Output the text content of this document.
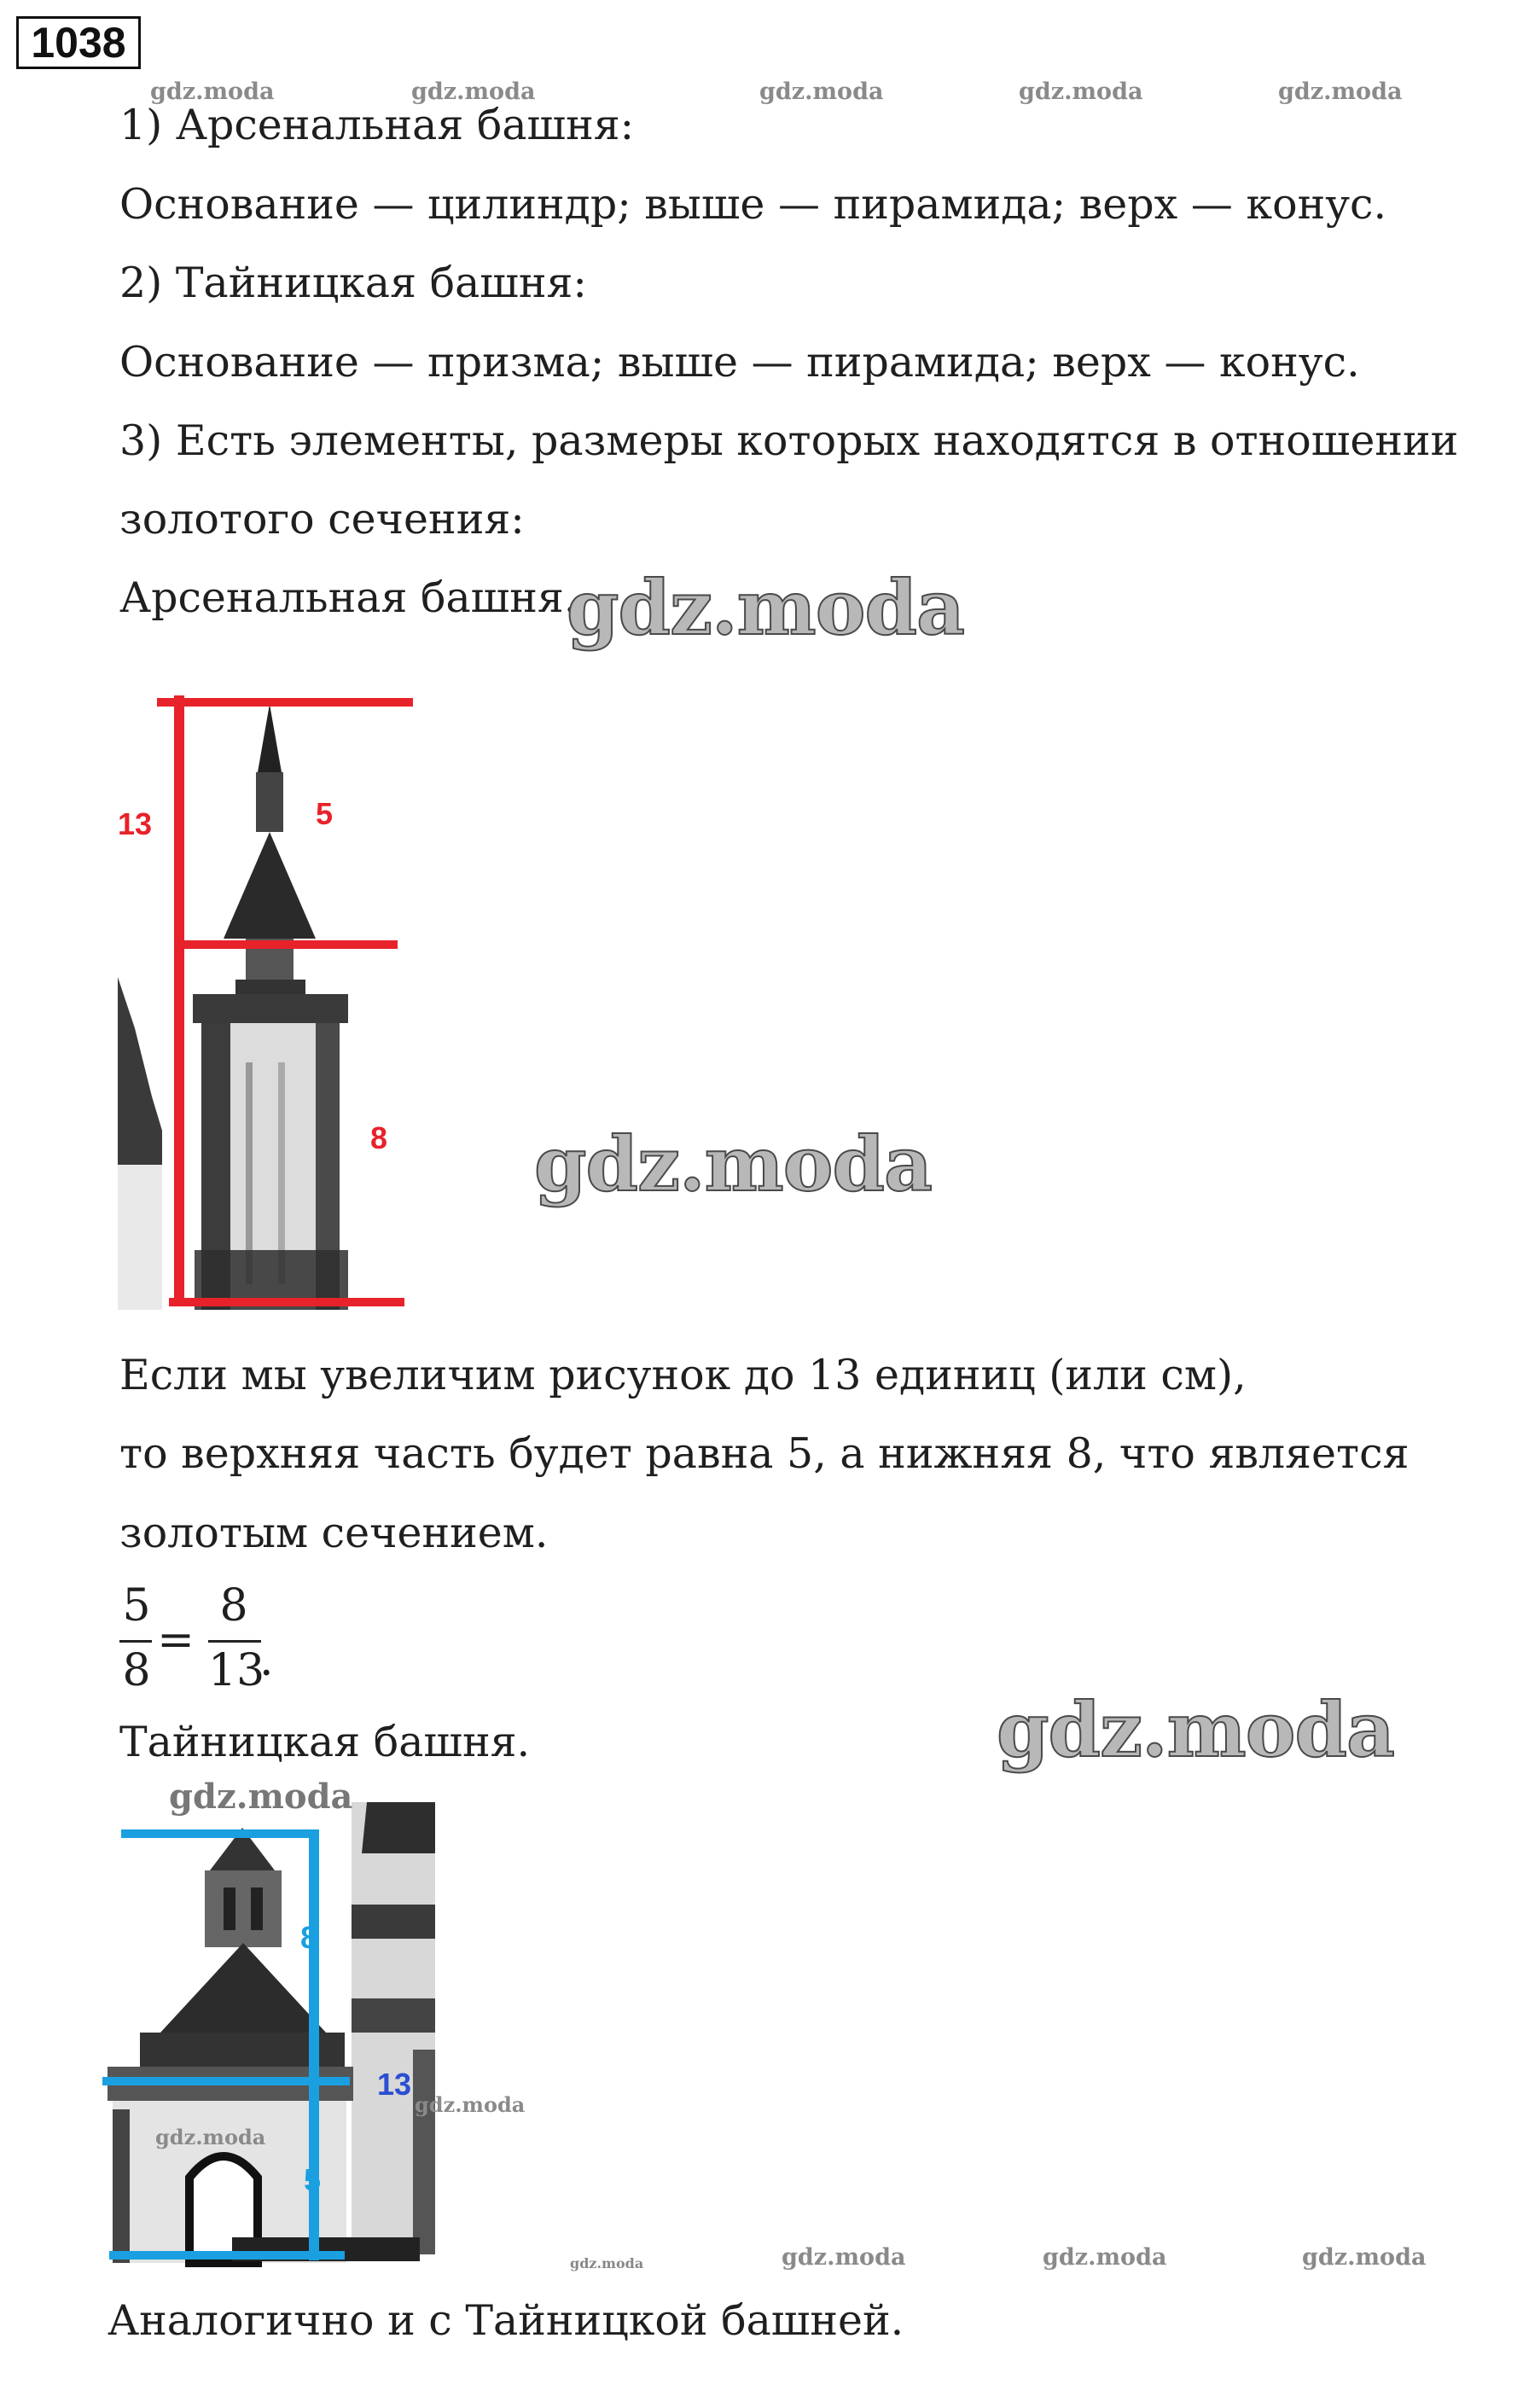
1038
gdz.moda	gdz.moda	gdz.moda	gdz.moda	gdz.moda
1) Арсенальная башня:
Основание — цилиндр; выше — пирамида; верх — конус.
2) Тайницкая башня:
Основание — призма; выше — пирамида; верх — конус.
3) Есть элементы, размеры которых находятся в отношении
золотого сечения:
Арсенальная башня.
gdz.moda
13	5
8 gdz.moda
Если мы увеличим рисунок до 13 единиц (или см),
то верхняя часть будет равна 5, а нижняя 8, что является
золотым сечением.
5
8
=
8
13
.
Тайницкая башня.	gdz.moda
gdz.moda
8
13
5
gdz.moda
gdz.moda
gdz.moda	gdz.moda	gdz.moda	gdz.moda
Аналогично и с Тайницкой башней.
